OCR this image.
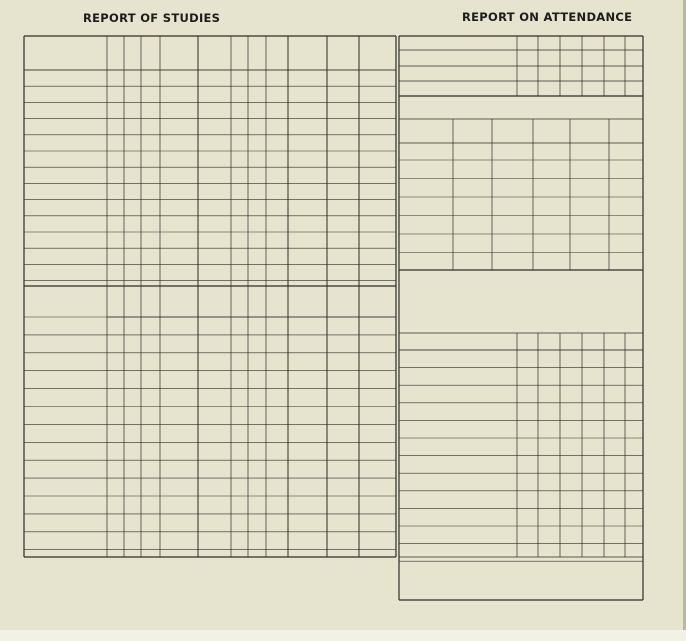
REPORT OF STUDIES	REPORT ON ATTENDANCE
